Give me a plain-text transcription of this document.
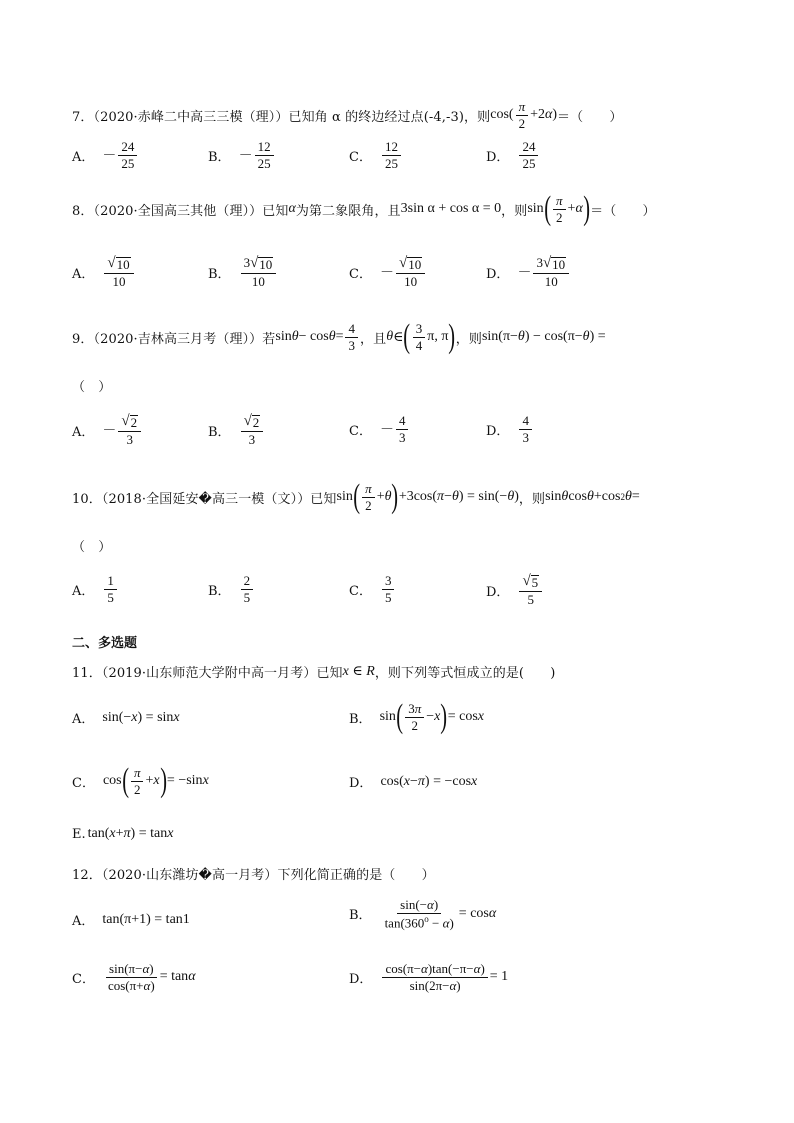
7．（2020·赤峰二中高三三模（理））已知角 α 的终边经过点(-4,-3)，则 $\cos( \frac{\pi}{2} +2$ α ) ＝（　　）
A． － $\frac{24}{25}$	B． － $\frac{12}{25}$	C． $\frac{12}{25}$	D． $\frac{24}{25}$
8．（2020·全国高三其他（理））已知 α 为第二象限角，且 3sin α + cos α = 0 ，则 sin ( $\frac{\pi}{2} + \alpha$ ) ＝（　　）
A． $\frac{√ 10}{10}$	B． $\frac{3 √ 10}{10}$	C． － $\frac{√ 10}{10}$	D． － $\frac{3 √ 10}{10}$
9．（2020·吉林高三月考（理））若 $\sin \theta - \cos \theta = \frac{4}{3}$ ，且 θ ∈ ( $\frac{3}{4} \pi$, π ) ，则 sin(π− θ ) − cos(π− θ ) =
（　）
A． － $\frac{√ 2}{3}$	B． $\frac{√ 2}{3}$	C． － $\frac{4}{3}$	D． $\frac{4}{3}$
10．（2018·全国延安�高三一模（文））已知 sin ( $\frac{\pi}{2} + \theta$ ) +3cos( π − θ ) = sin(− θ ) ，则 sin θ cos θ +cos 2 θ =
（　）
A． $\frac{1}{5}$	B． $\frac{2}{5}$	C． $\frac{3}{5}$	D． $\frac{√ 5}{5}$
二、多选题
11．（2019·山东师范大学附中高一月考）已知 x ∈ R ，则下列等式恒成立的是(　　)
A． sin(− x ) = sin x	B． sin ( $\frac{3\pi}{2} - x$ ) = cos x
C． cos ( $\frac{\pi}{2} + x$ ) = −sin x	D． cos( x − π ) = −cos x
E. tan( x + π ) = tan x
12．（2020·山东潍坊�高一月考）下列化简正确的是（　　）
A． tan(π+1) = tan1	B． $\frac{\sin(-\alpha)}{\tan(360^o - \alpha)} = \cos \alpha$
C． $\frac{\sin(\pi-\alpha)}{\cos(\pi+\alpha)} = \tan \alpha$	D． $\frac{\cos(\pi-\alpha)\tan(-\pi-\alpha)}{\sin(2\pi-\alpha)} = 1$
